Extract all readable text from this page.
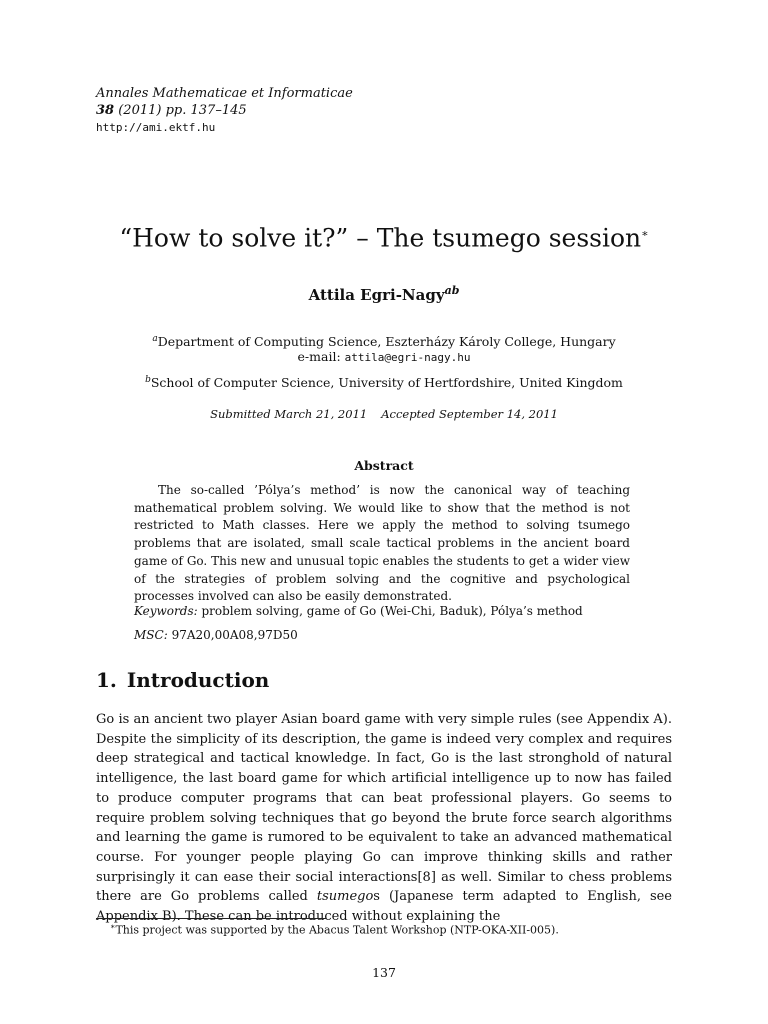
Annales Mathematicae et Informaticae
38 (2011) pp. 137–145
http://ami.ektf.hu
“How to solve it?” – The tsumego session∗
Attila Egri-Nagy$^{ab}$
$^a$Department of Computing Science, Eszterházy Károly College, Hungary
e-mail: attila@egri-nagy.hu
$^b$School of Computer Science, University of Hertfordshire, United Kingdom
Submitted March 21, 2011 Accepted September 14, 2011
Abstract
The so-called ’Pólya’s method’ is now the canonical way of teaching mathematical problem solving. We would like to show that the method is not restricted to Math classes. Here we apply the method to solving tsumego problems that are isolated, small scale tactical problems in the ancient board game of Go. This new and unusual topic enables the students to get a wider view of the strategies of problem solving and the cognitive and psychological processes involved can also be easily demonstrated.
Keywords: problem solving, game of Go (Wei-Chi, Baduk), Pólya’s method
MSC: 97A20,00A08,97D50
1. Introduction
Go is an ancient two player Asian board game with very simple rules (see Appendix A). Despite the simplicity of its description, the game is indeed very complex and requires deep strategical and tactical knowledge. In fact, Go is the last stronghold of natural intelligence, the last board game for which artificial intelligence up to now has failed to produce computer programs that can beat professional players. Go seems to require problem solving techniques that go beyond the brute force search algorithms and learning the game is rumored to be equivalent to take an advanced mathematical course. For younger people playing Go can improve thinking skills and rather surprisingly it can ease their social interactions[8] as well. Similar to chess problems there are Go problems called tsumegos (Japanese term adapted to English, see Appendix B). These can be introduced without explaining the
∗This project was supported by the Abacus Talent Workshop (NTP-OKA-XII-005).
137
